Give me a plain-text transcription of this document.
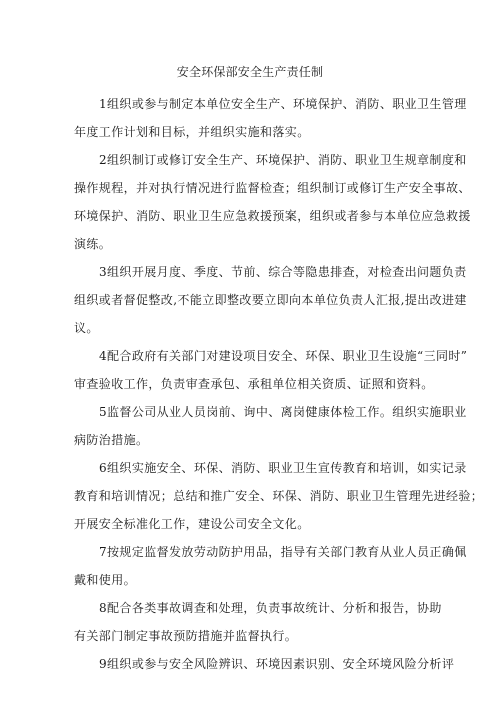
安全环保部安全生产责任制
1组织或参与制定本单位安全生产、环境保护、消防、职业卫生管理
年度工作计划和目标，并组织实施和落实。
2组织制订或修订安全生产、环境保护、消防、职业卫生规章制度和
操作规程，并对执行情况进行监督检查；组织制订或修订生产安全事故、
环境保护、消防、职业卫生应急救援预案，组织或者参与本单位应急救援
演练。
3组织开展月度、季度、节前、综合等隐患排查，对检查出问题负责
组织或者督促整改,不能立即整改要立即向本单位负责人汇报,提出改进建
议。
4配合政府有关部门对建设项目安全、环保、职业卫生设施“三同时”
审查验收工作，负责审查承包、承租单位相关资质、证照和资料。
5监督公司从业人员岗前、询中、离岗健康体检工作。组织实施职业
病防治措施。
6组织实施安全、环保、消防、职业卫生宣传教育和培训，如实记录
教育和培训情况；总结和推广安全、环保、消防、职业卫生管理先进经验；
开展安全标准化工作，建设公司安全文化。
7按规定监督发放劳动防护用品，指导有关部门教育从业人员正确佩
戴和使用。
8配合各类事故调查和处理，负责事故统计、分析和报告，协助
有关部门制定事故预防措施并监督执行。
9组织或参与安全风险辨识、环境因素识别、安全环境风险分析评
